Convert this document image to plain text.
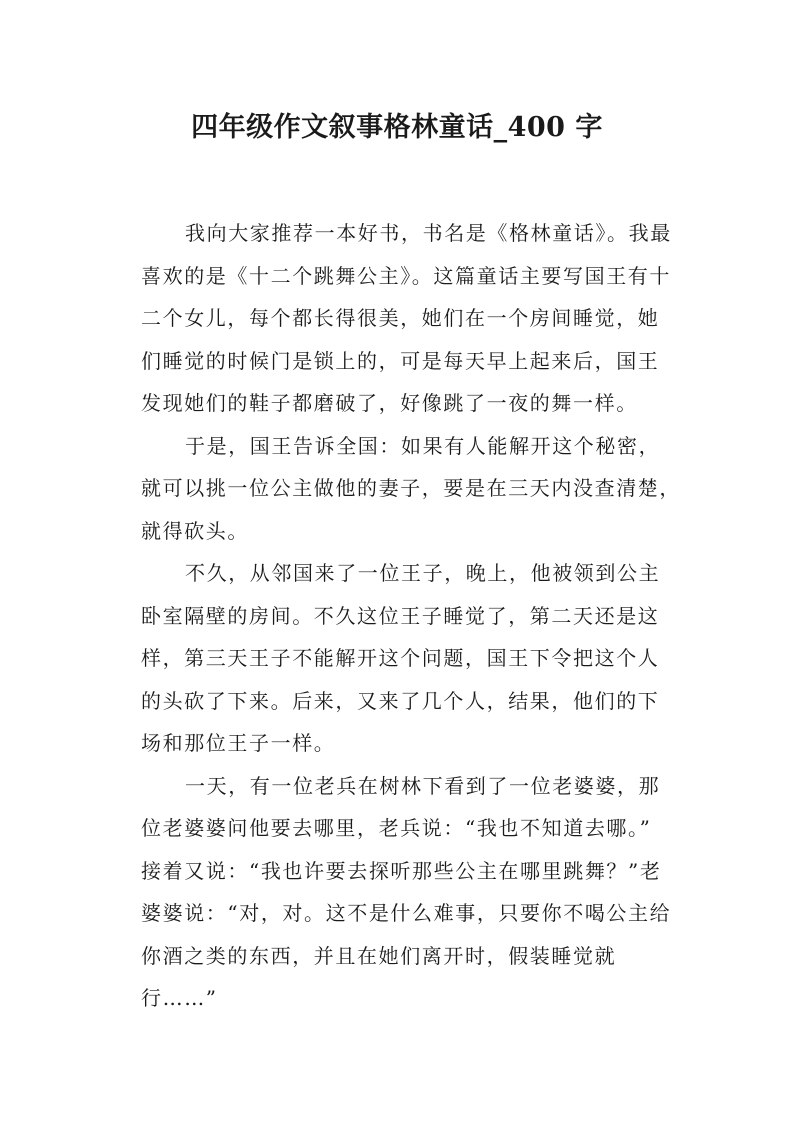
四年级作文叙事格林童话_400 字
我向大家推荐一本好书，书名是《格林童话》。我最
喜欢的是《十二个跳舞公主》。这篇童话主要写国王有十
二个女儿，每个都长得很美，她们在一个房间睡觉，她
们睡觉的时候门是锁上的，可是每天早上起来后，国王
发现她们的鞋子都磨破了，好像跳了一夜的舞一样。
于是，国王告诉全国：如果有人能解开这个秘密，
就可以挑一位公主做他的妻子，要是在三天内没查清楚，
就得砍头。
不久，从邻国来了一位王子，晚上，他被领到公主
卧室隔壁的房间。不久这位王子睡觉了，第二天还是这
样，第三天王子不能解开这个问题，国王下令把这个人
的头砍了下来。后来，又来了几个人，结果，他们的下
场和那位王子一样。
一天，有一位老兵在树林下看到了一位老婆婆，那
位老婆婆问他要去哪里，老兵说：“我也不知道去哪。”
接着又说：“我也许要去探听那些公主在哪里跳舞？”老
婆婆说：“对，对。这不是什么难事，只要你不喝公主给
你酒之类的东西，并且在她们离开时，假装睡觉就
行……”
